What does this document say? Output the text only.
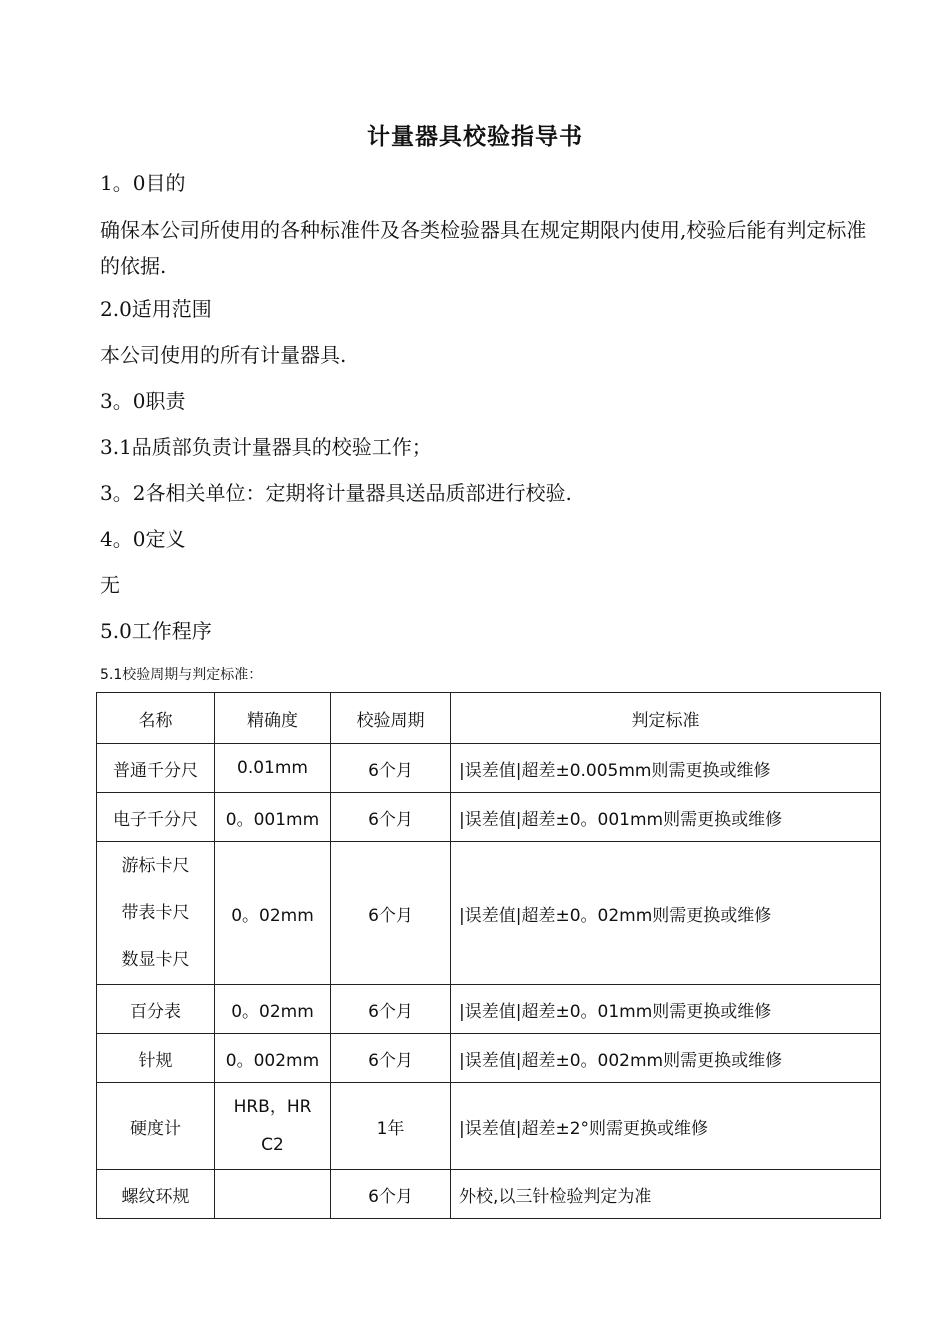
计量器具校验指导书
1。0目的
确保本公司所使用的各种标准件及各类检验器具在规定期限内使用,校验后能有判定标准的依据.
2.0适用范围
本公司使用的所有计量器具.
3。0职责
3.1品质部负责计量器具的校验工作；
3。2各相关单位：定期将计量器具送品质部进行校验.
4。0定义
无
5.0工作程序
5.1校验周期与判定标准：
名称	精确度	校验周期	判定标准
普通千分尺	0.01mm	6个月	|误差值|超差±0.005mm则需更换或维修
电子千分尺	0。001mm	6个月	|误差值|超差±0。001mm则需更换或维修

游标卡尺
带表卡尺
数显卡尺	0。02mm	6个月	|误差值|超差±0。02mm则需更换或维修
百分表	0。02mm	6个月	|误差值|超差±0。01mm则需更换或维修
针规	0。002mm	6个月	|误差值|超差±0。002mm则需更换或维修
硬度计	HRB，HR
C2	1年	|误差值|超差±2°则需更换或维修
螺纹环规		6个月	外校,以三针检验判定为准
